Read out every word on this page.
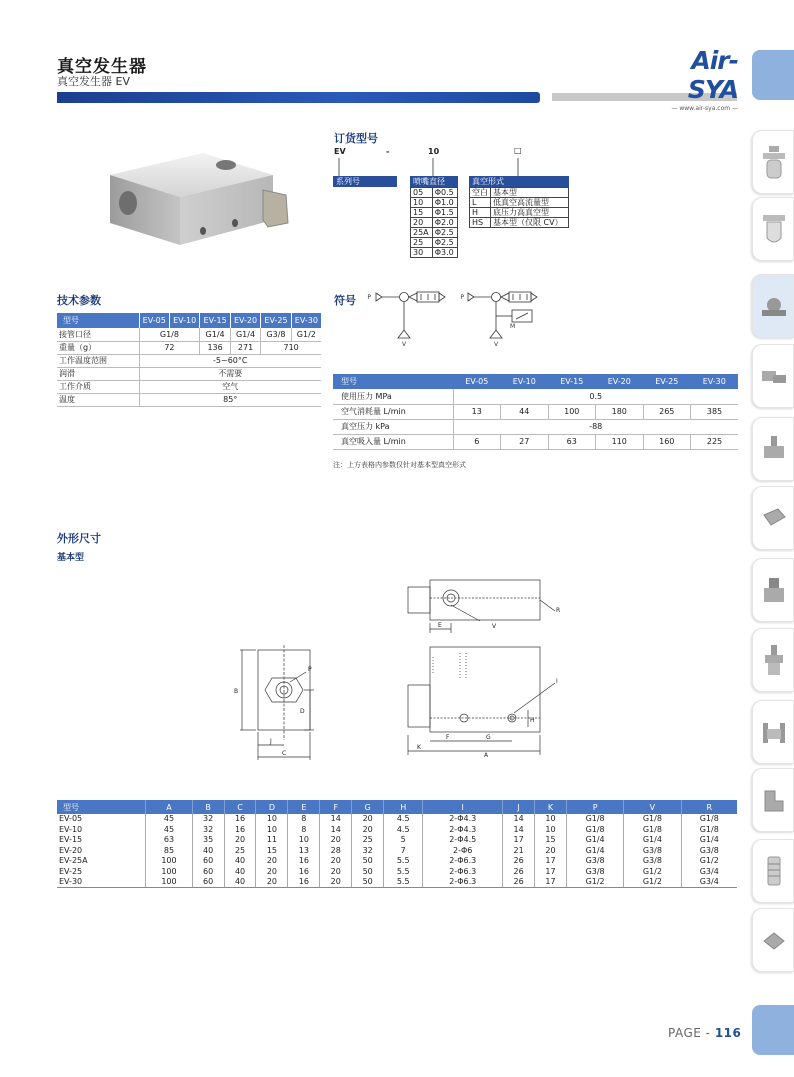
真空发生器
真空发生器 EV
Air-SYA
— www.air-sya.com —
订货型号
EV	-	10	□
系列号	喷嘴直径	真空形式
05	Φ0.5
10	Φ1.0
15	Φ1.5
20	Φ2.0
25A	Φ2.5
25	Φ2.5
30	Φ3.0
空白	基本型
L	低真空高流量型
H	底压力高真空型
HS	基本型（仅限 CV）
技术参数
型号	EV-05	EV-10	EV-15	EV-20	EV-25	EV-30
接管口径	G1/8		G1/4	G1/4	G3/8	G1/2
重量（g）	72		136	271	710	
工作温度范围	-5~60°C					
润滑	不需要					
工作介质	空气					
温度	85°					
符号 P
V
P
V
M
型号	EV-05	EV-10	EV-15	EV-20	EV-25	EV-30
使用压力 MPa	0.5					
空气消耗量 L/min	13	44	100	180	265	385
真空压力 kPa	-88					
真空吸入量 L/min	6	27	63	110	160	225
注：上方表格内参数仅针对基本型真空形式
外形尺寸
基本型
B
P
D
J
C
E	V
R
I
H
F	G
K
A
型号	A	B	C	D	E	F	G	H	I	J	K	P	V	R
EV-05	45	32	16	10	8	14	20	4.5	2-Φ4.3	14	10	G1/8	G1/8	G1/8
EV-10	45	32	16	10	8	14	20	4.5	2-Φ4.3	14	10	G1/8	G1/8	G1/8
EV-15	63	35	20	11	10	20	25	5	2-Φ4.5	17	15	G1/4	G1/4	G1/4
EV-20	85	40	25	15	13	28	32	7	2-Φ6	21	20	G1/4	G3/8	G3/8
EV-25A	100	60	40	20	16	20	50	5.5	2-Φ6.3	26	17	G3/8	G3/8	G1/2
EV-25	100	60	40	20	16	20	50	5.5	2-Φ6.3	26	17	G3/8	G1/2	G3/4
EV-30	100	60	40	20	16	20	50	5.5	2-Φ6.3	26	17	G1/2	G1/2	G3/4
PAGE - 116
